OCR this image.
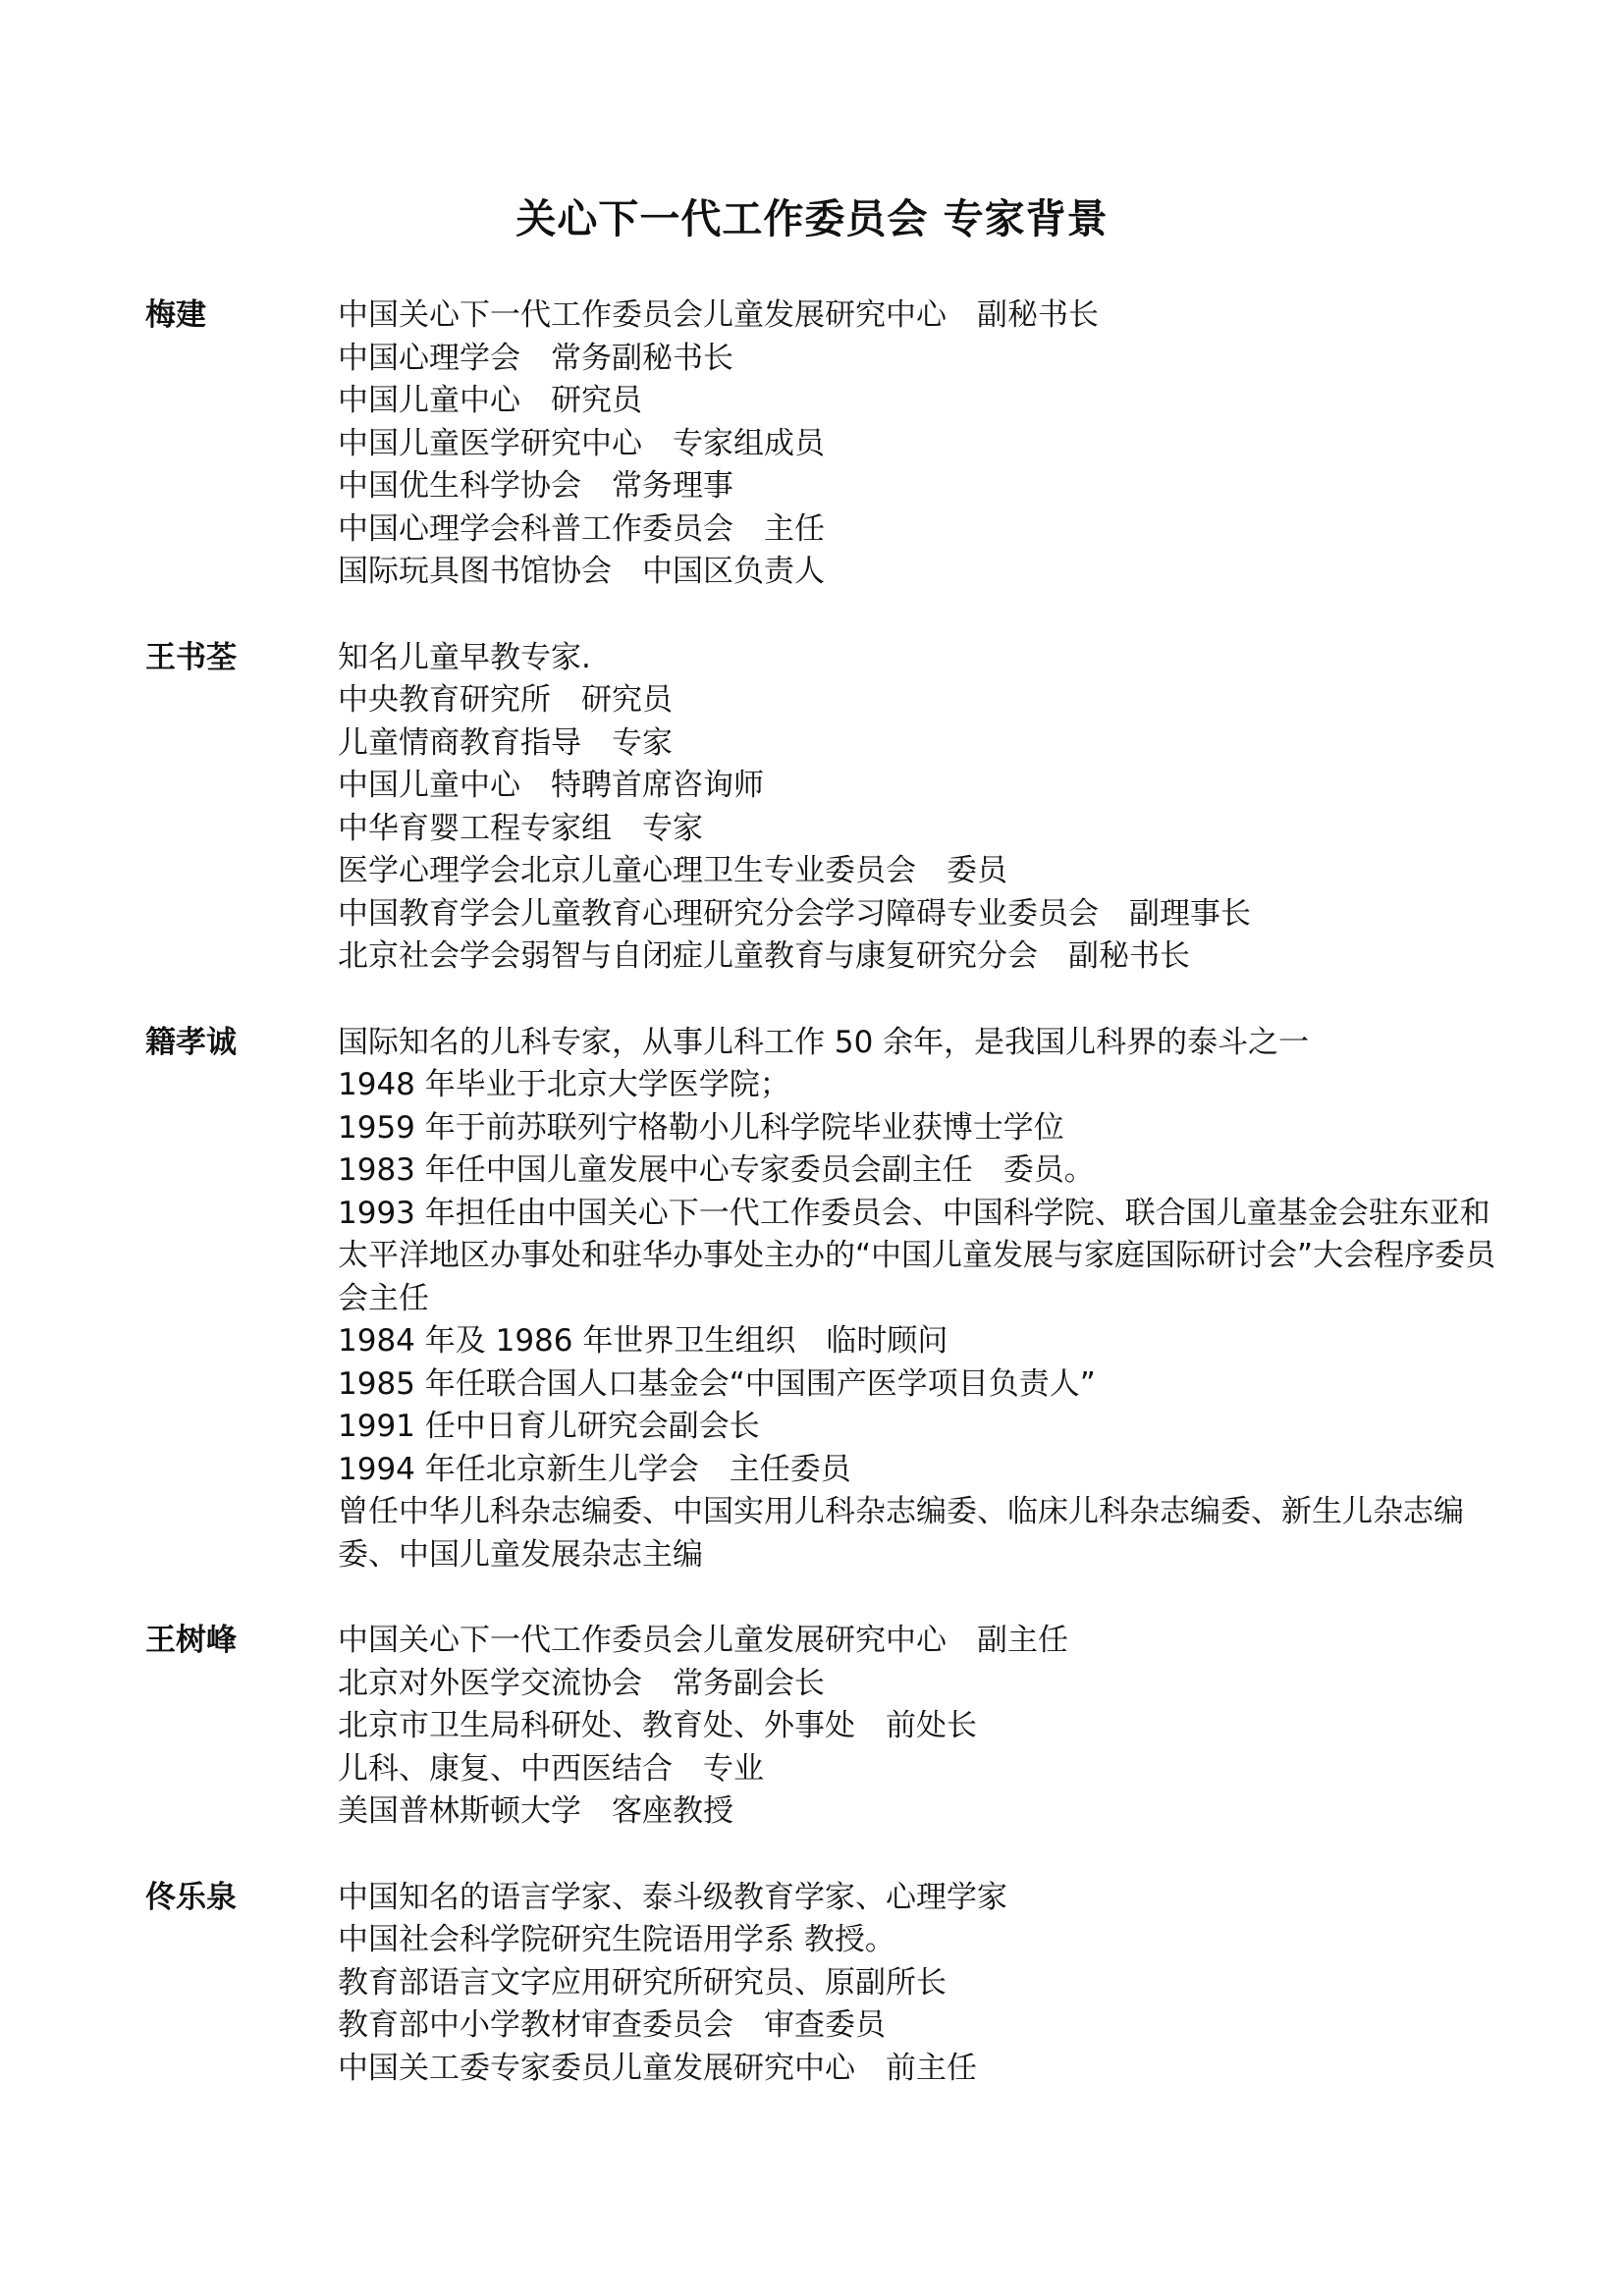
关心下一代工作委员会 专家背景
梅建	中国关心下一代工作委员会儿童发展研究中心　副秘书长
中国心理学会　常务副秘书长
中国儿童中心　研究员
中国儿童医学研究中心　专家组成员
中国优生科学协会　常务理事
中国心理学会科普工作委员会　主任
国际玩具图书馆协会　中国区负责人
王书荃	知名儿童早教专家.
中央教育研究所　研究员
儿童情商教育指导　专家
中国儿童中心　特聘首席咨询师
中华育婴工程专家组　专家
医学心理学会北京儿童心理卫生专业委员会　委员
中国教育学会儿童教育心理研究分会学习障碍专业委员会　副理事长
北京社会学会弱智与自闭症儿童教育与康复研究分会　副秘书长
籍孝诚	国际知名的儿科专家，从事儿科工作 50 余年，是我国儿科界的泰斗之一
1948 年毕业于北京大学医学院；
1959 年于前苏联列宁格勒小儿科学院毕业获博士学位
1983 年任中国儿童发展中心专家委员会副主任　委员。
1993 年担任由中国关心下一代工作委员会、中国科学院、联合国儿童基金会驻东亚和太平洋地区办事处和驻华办事处主办的“中国儿童发展与家庭国际研讨会”大会程序委员会主任
1984 年及 1986 年世界卫生组织　临时顾问
1985 年任联合国人口基金会“中国围产医学项目负责人”
1991 任中日育儿研究会副会长
1994 年任北京新生儿学会　主任委员
曾任中华儿科杂志编委、中国实用儿科杂志编委、临床儿科杂志编委、新生儿杂志编委、中国儿童发展杂志主编
王树峰	中国关心下一代工作委员会儿童发展研究中心　副主任
北京对外医学交流协会　常务副会长
北京市卫生局科研处、教育处、外事处　前处长
儿科、康复、中西医结合　专业
美国普林斯顿大学　客座教授
佟乐泉	中国知名的语言学家、泰斗级教育学家、心理学家
中国社会科学院研究生院语用学系 教授。
教育部语言文字应用研究所研究员、原副所长
教育部中小学教材审查委员会　审查委员
中国关工委专家委员儿童发展研究中心　前主任
